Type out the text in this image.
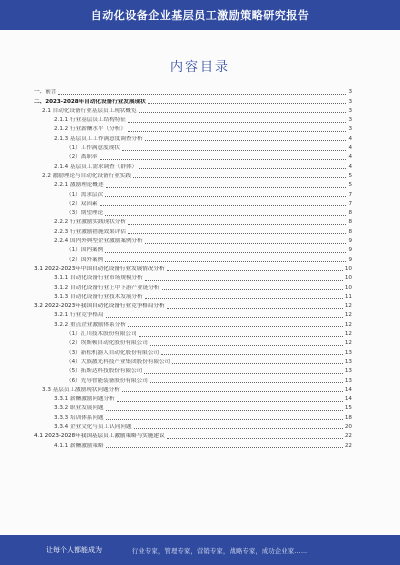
自动化设备企业基层员工激励策略研究报告
内容目录
一、前言	3
二、2023-2028年自动化设备行业发展现状	3
2.1 自动化设备行业基层员工现状概览	3
2.1.1 行业基层员工结构特征	3
2.1.2 行业薪酬水平（分析）	3
2.1.3 基层员工工作满意度调查分析	4
（1）工作满意度现状	4
（2）离职率	4
2.1.4 基层员工需求调查（群体）	4
2.2 激励理论与自动化设备行业实践	5
2.2.1 激励理论概述	5
（1）需求层次	7
（2）双因素	7
（3）期望理论	8
2.2.2 行业激励实践现状分析	8
2.2.3 行业激励措施效果评估	8
2.2.4 国内外典型企业激励案例分析	9
（1）国内案例	9
（2）国外案例	9
3.1 2022-2023年中国自动化设备行业发展情况分析	10
3.1.1 自动化设备行业市场规模分析	10
3.1.2 自动化设备行业上中下游产业链分析	10
3.1.3 自动化设备行业技术发展分析	11
3.2 2022-2023年我国自动化设备行业竞争格局分析	12
3.2.1 行业竞争格局	12
3.2.2 重点企业激励体系分析	12
（1）汇川技术股份有限公司	12
（2）埃斯顿自动化股份有限公司	12
（3）新松机器人自动化股份有限公司	13
（4）大族激光科技产业集团股份有限公司	13
（5）拓斯达科技股份有限公司	13
（6）先导智能装备股份有限公司	13
3.3 基层员工激励现状问题分析	14
3.3.1 薪酬激励问题分析	14
3.3.2 职业发展问题	15
3.3.3 培训体系问题	18
3.3.4 企业文化与员工认同问题	20
4.1 2023-2028年我国基层员工激励策略与实施建议	22
4.1.1 薪酬激励策略	22
让每个人都能成为	行业专家，管理专家，营销专家，战略专家，成功企业家……
